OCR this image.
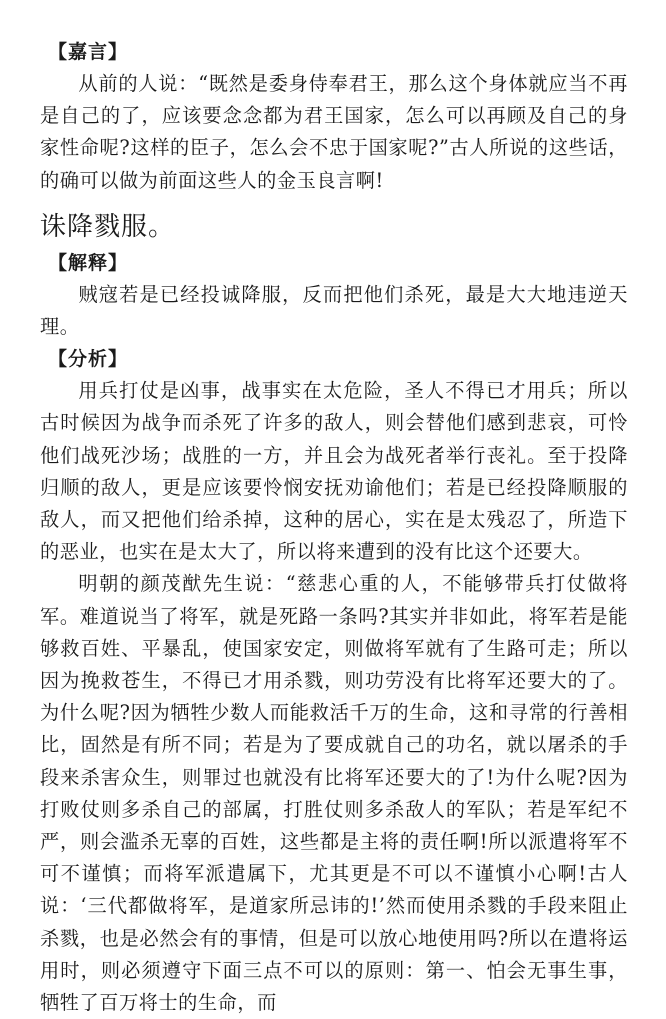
【嘉言】

从前的人说：“既然是委身侍奉君王，那么这个身体就应当不再是自己的了，应该要念念都为君王国家，怎么可以再顾及自己的身家性命呢?这样的臣子，怎么会不忠于国家呢?”古人所说的这些话，的确可以做为前面这些人的金玉良言啊!

诛降戮服。
【解释】

贼寇若是已经投诚降服，反而把他们杀死，最是大大地违逆天理。

【分析】

用兵打仗是凶事，战事实在太危险，圣人不得已才用兵；所以古时候因为战争而杀死了许多的敌人，则会替他们感到悲哀，可怜他们战死沙场；战胜的一方，并且会为战死者举行丧礼。至于投降归顺的敌人，更是应该要怜悯安抚劝谕他们；若是已经投降顺服的敌人，而又把他们给杀掉，这种的居心，实在是太残忍了，所造下的恶业，也实在是太大了，所以将来遭到的没有比这个还要大。

明朝的颜茂猷先生说：“慈悲心重的人，不能够带兵打仗做将军。难道说当了将军，就是死路一条吗?其实并非如此，将军若是能够救百姓、平暴乱，使国家安定，则做将军就有了生路可走；所以因为挽救苍生，不得已才用杀戮，则功劳没有比将军还要大的了。为什么呢?因为牺牲少数人而能救活千万的生命，这和寻常的行善相比，固然是有所不同；若是为了要成就自己的功名，就以屠杀的手段来杀害众生，则罪过也就没有比将军还要大的了!为什么呢?因为打败仗则多杀自己的部属，打胜仗则多杀敌人的军队；若是军纪不严，则会滥杀无辜的百姓，这些都是主将的责任啊!所以派遣将军不可不谨慎；而将军派遣属下，尤其更是不可以不谨慎小心啊!古人说：‘三代都做将军，是道家所忌讳的!’然而使用杀戮的手段来阻止杀戮，也是必然会有的事情，但是可以放心地使用吗?所以在遣将运用时，则必须遵守下面三点不可以的原则：第一、怕会无事生事，牺牲了百万将士的生命，而
